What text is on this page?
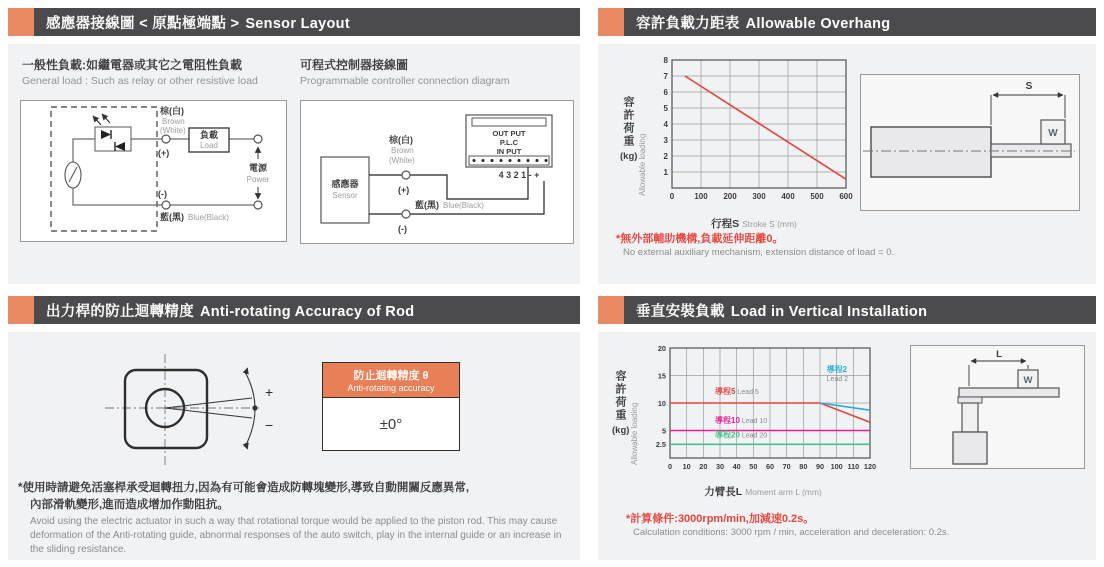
感應器接線圖 < 原點極端點 > Sensor Layout
一般性負載:如繼電器或其它之電阻性負載
General load : Such as relay or other resistive load
負載
Load
電源
Power
棕(白)
Brown
(White)
(+)
(-)
藍(黑) Blue(Black)
可程式控制器接線圖
Programmable controller connection diagram
感應器
Sensor
OUT PUT
P.L.C
IN PUT
4 3 2 1 - +
棕(白)
Brown
(White)
(+)
藍(黑) Blue(Black)
(-)
容許負載力距表 Allowable Overhang
容許荷重
(kg) Allowable loading
0	100 200 300 400 500 600
1
2
3
4
5
6
7
8
行程S Stroke S (mm)
W
S
*無外部輔助機構,負載延伸距離0。
No external auxiliary mechanism, extension distance of load = 0.
出力桿的防止迴轉精度 Anti-rotating Accuracy of Rod
+
−
防止迴轉精度 θ
Anti-rotating accuracy
±0°
*使用時請避免活塞桿承受迴轉扭力,因為有可能會造成防轉塊變形,導致自動開關反應異常,
內部滑軌變形,進而造成增加作動阻抗。
Avoid using the electric actuator in such a way that rotational torque would be applied to the piston rod. This may cause deformation of the Anti-rotating guide, abnormal responses of the auto switch, play in the internal guide or an increase in the sliding resistance.
垂直安裝負載 Load in Vertical Installation
容許荷重
(kg) Allowable loading
0 10 20 30 40 50 60 70 80 90 100 110 120
2.5
5
10
15
20
導程5 Lead 5
導程2
Lead 2
導程10 Lead 10
導程20 Lead 20
力臂長L Moment arm L (mm)
W
L
*計算條件:3000rpm/min,加減速0.2s。
Calculation conditions: 3000 rpm / min, acceleration and deceleration: 0.2s.
